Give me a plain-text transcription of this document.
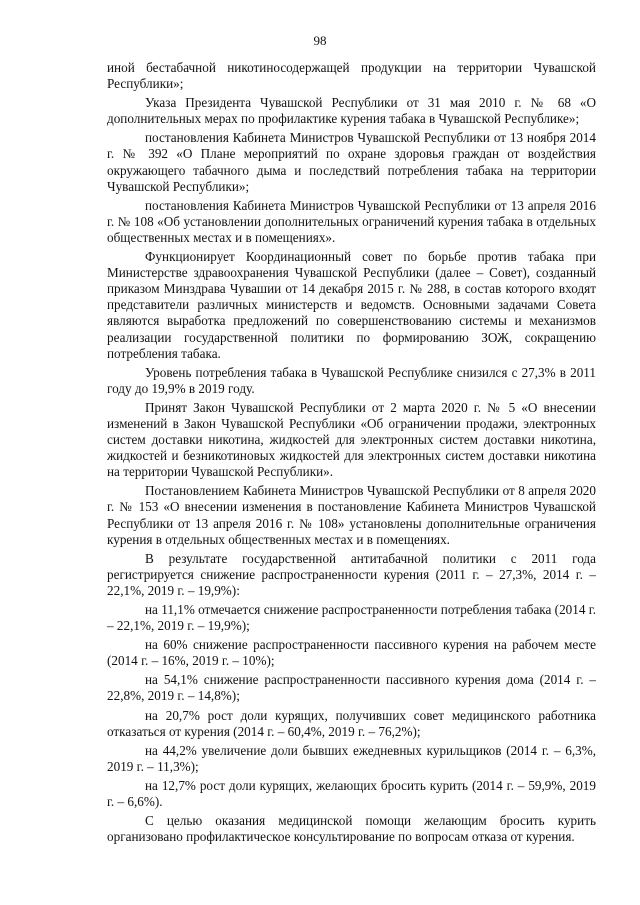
98

иной бестабачной никотиносодержащей продукции на территории Чувашской Республики»;

Указа Президента Чувашской Республики от 31 мая 2010 г. № 68 «О дополнительных мерах по профилактике курения табака в Чувашской Республике»;

постановления Кабинета Министров Чувашской Республики от 13 ноября 2014 г. № 392 «О Плане мероприятий по охране здоровья граждан от воздействия окружающего табачного дыма и последствий потребления табака на территории Чувашской Республики»;

постановления Кабинета Министров Чувашской Республики от 13 апреля 2016 г. № 108 «Об установлении дополнительных ограничений курения табака в отдельных общественных местах и в помещениях».

Функционирует Координационный совет по борьбе против табака при Министерстве здравоохранения Чувашской Республики (далее – Совет), созданный приказом Минздрава Чувашии от 14 декабря 2015 г. № 288, в состав которого входят представители различных министерств и ведомств. Основными задачами Совета являются выработка предложений по совершенствованию системы и механизмов реализации государственной политики по формированию ЗОЖ, сокращению потребления табака.

Уровень потребления табака в Чувашской Республике снизился с 27,3% в 2011 году до 19,9% в 2019 году.

Принят Закон Чувашской Республики от 2 марта 2020 г. № 5 «О внесении изменений в Закон Чувашской Республики «Об ограничении продажи, электронных систем доставки никотина, жидкостей для электронных систем доставки никотина, жидкостей и безникотиновых жидкостей для электронных систем доставки никотина на территории Чувашской Республики».

Постановлением Кабинета Министров Чувашской Республики от 8 апреля 2020 г. № 153 «О внесении изменения в постановление Кабинета Министров Чувашской Республики от 13 апреля 2016 г. № 108» установлены дополнительные ограничения курения в отдельных общественных местах и в помещениях.

В результате государственной антитабачной политики с 2011 года регистрируется снижение распространенности курения (2011 г. – 27,3%, 2014 г. – 22,1%, 2019 г. – 19,9%):

на 11,1% отмечается снижение распространенности потребления табака (2014 г. – 22,1%, 2019 г. – 19,9%);

на 60% снижение распространенности пассивного курения на рабочем месте (2014 г. – 16%, 2019 г. – 10%);

на 54,1% снижение распространенности пассивного курения дома (2014 г. – 22,8%, 2019 г. – 14,8%);

на 20,7% рост доли курящих, получивших совет медицинского работника отказаться от курения (2014 г. – 60,4%, 2019 г. – 76,2%);

на 44,2% увеличение доли бывших ежедневных курильщиков (2014 г. – 6,3%, 2019 г. – 11,3%);

на 12,7% рост доли курящих, желающих бросить курить (2014 г. – 59,9%, 2019 г. – 6,6%).

С целью оказания медицинской помощи желающим бросить курить организовано профилактическое консультирование по вопросам отказа от курения.
